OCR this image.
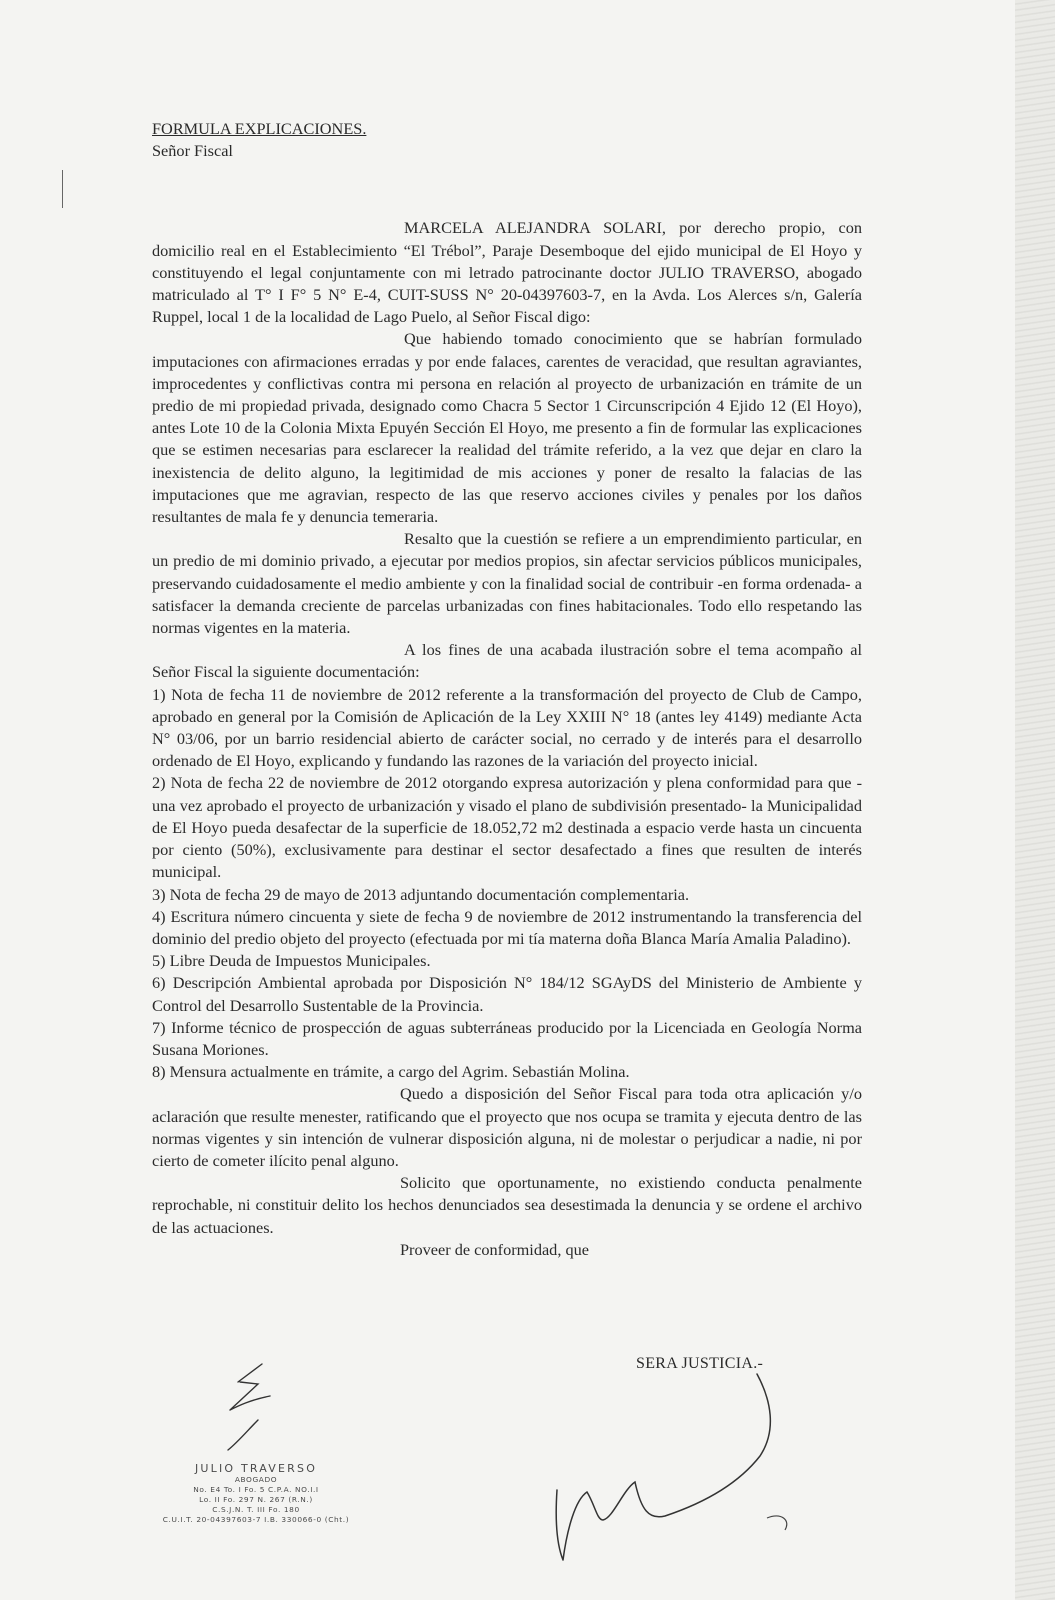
FORMULA EXPLICACIONES.

Señor Fiscal

MARCELA ALEJANDRA SOLARI, por derecho propio, con domicilio real en el Establecimiento “El Trébol”, Paraje Desemboque del ejido municipal de El Hoyo y constituyendo el legal conjuntamente con mi letrado patrocinante doctor JULIO TRAVERSO, abogado matriculado al T° I F° 5 N° E-4, CUIT-SUSS N° 20-04397603-7, en la Avda. Los Alerces s/n, Galería Ruppel, local 1 de la localidad de Lago Puelo, al Señor Fiscal digo:

Que habiendo tomado conocimiento que se habrían formulado imputaciones con afirmaciones erradas y por ende falaces, carentes de veracidad, que resultan agraviantes, improcedentes y conflictivas contra mi persona en relación al proyecto de urbanización en trámite de un predio de mi propiedad privada, designado como Chacra 5 Sector 1 Circunscripción 4 Ejido 12 (El Hoyo), antes Lote 10 de la Colonia Mixta Epuyén Sección El Hoyo, me presento a fin de formular las explicaciones que se estimen necesarias para esclarecer la realidad del trámite referido, a la vez que dejar en claro la inexistencia de delito alguno, la legitimidad de mis acciones y poner de resalto la falacias de las imputaciones que me agravian, respecto de las que reservo acciones civiles y penales por los daños resultantes de mala fe y denuncia temeraria.

Resalto que la cuestión se refiere a un emprendimiento particular, en un predio de mi dominio privado, a ejecutar por medios propios, sin afectar servicios públicos municipales, preservando cuidadosamente el medio ambiente y con la finalidad social de contribuir -en forma ordenada- a satisfacer la demanda creciente de parcelas urbanizadas con fines habitacionales. Todo ello respetando las normas vigentes en la materia.

A los fines de una acabada ilustración sobre el tema acompaño al Señor Fiscal la siguiente documentación:

1) Nota de fecha 11 de noviembre de 2012 referente a la transformación del proyecto de Club de Campo, aprobado en general por la Comisión de Aplicación de la Ley XXIII N° 18 (antes ley 4149) mediante Acta N° 03/06, por un barrio residencial abierto de carácter social, no cerrado y de interés para el desarrollo ordenado de El Hoyo, explicando y fundando las razones de la variación del proyecto inicial.

2) Nota de fecha 22 de noviembre de 2012 otorgando expresa autorización y plena conformidad para que -una vez aprobado el proyecto de urbanización y visado el plano de subdivisión presentado- la Municipalidad de El Hoyo pueda desafectar de la superficie de 18.052,72 m2 destinada a espacio verde hasta un cincuenta por ciento (50%), exclusivamente para destinar el sector desafectado a fines que resulten de interés municipal.

3) Nota de fecha 29 de mayo de 2013 adjuntando documentación complementaria.

4) Escritura número cincuenta y siete de fecha 9 de noviembre de 2012 instrumentando la transferencia del dominio del predio objeto del proyecto (efectuada por mi tía materna doña Blanca María Amalia Paladino).

5) Libre Deuda de Impuestos Municipales.

6) Descripción Ambiental aprobada por Disposición N° 184/12 SGAyDS del Ministerio de Ambiente y Control del Desarrollo Sustentable de la Provincia.

7) Informe técnico de prospección de aguas subterráneas producido por la Licenciada en Geología Norma Susana Moriones.

8) Mensura actualmente en trámite, a cargo del Agrim. Sebastián Molina.

Quedo a disposición del Señor Fiscal para toda otra aplicación y/o aclaración que resulte menester, ratificando que el proyecto que nos ocupa se tramita y ejecuta dentro de las normas vigentes y sin intención de vulnerar disposición alguna, ni de molestar o perjudicar a nadie, ni por cierto de cometer ilícito penal alguno.

Solicito que oportunamente, no existiendo conducta penalmente reprochable, ni constituir delito los hechos denunciados sea desestimada la denuncia y se ordene el archivo de las actuaciones.

Proveer de conformidad, que

SERA JUSTICIA.-
JULIO TRAVERSO
ABOGADO
No. E4 To. I Fo. 5 C.P.A. NO.I.I
Lo. II Fo. 297 N. 267 (R.N.)
C.S.J.N. T. III Fo. 180
C.U.I.T. 20-04397603-7 I.B. 330066-0 (Cht.)
